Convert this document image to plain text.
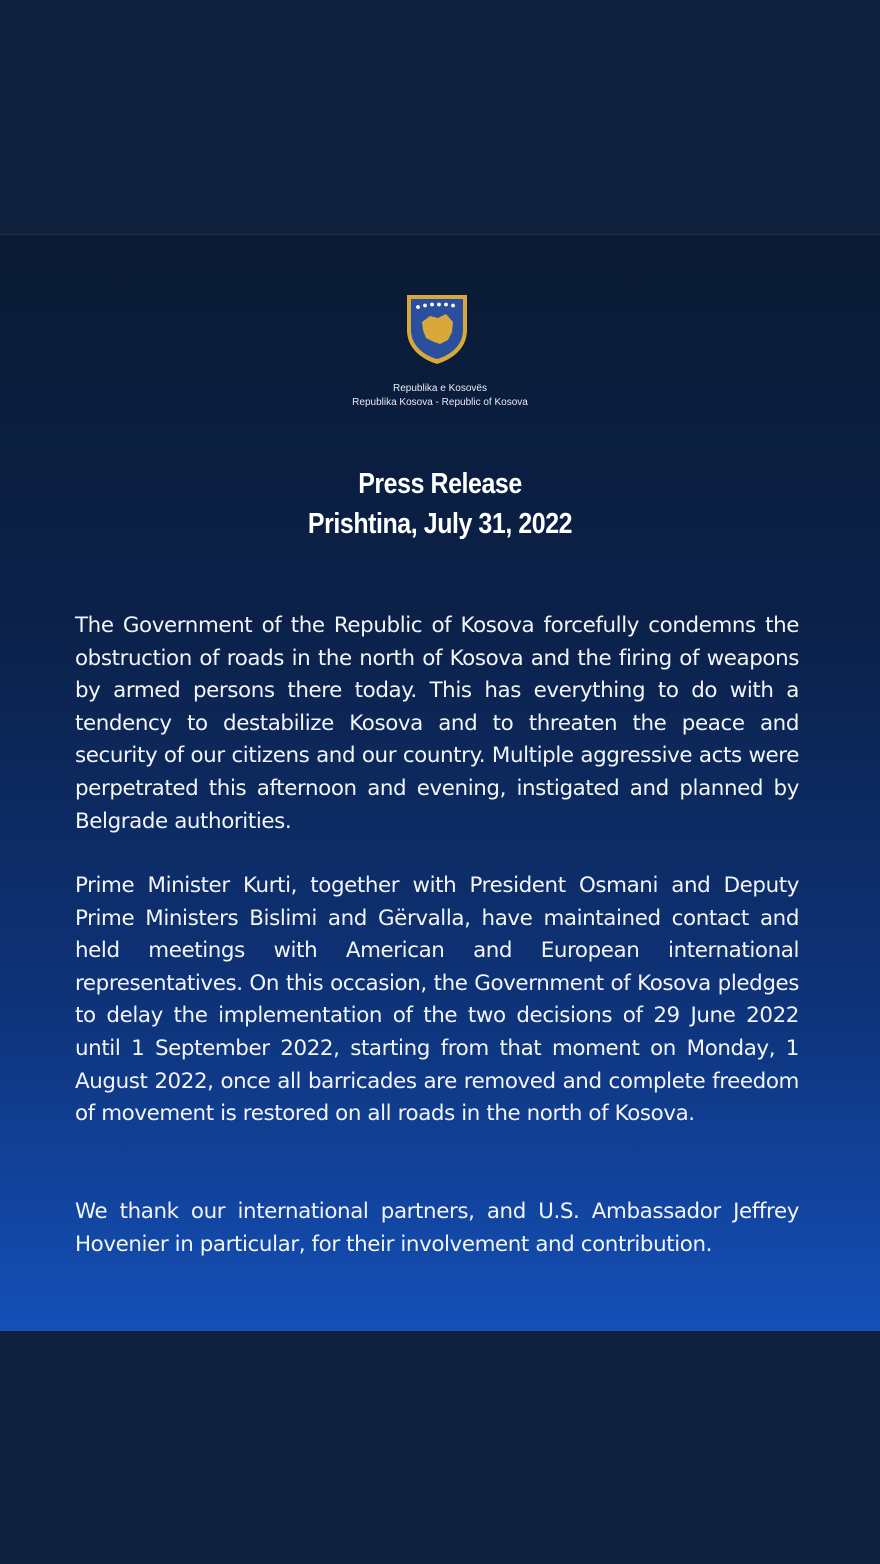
Republika e Kosovës
Republika Kosova - Republic of Kosova
Press Release
Prishtina, July 31, 2022

The Government of the Republic of Kosova forcefully condemns the obstruction of roads in the north of Kosova and the firing of weapons by armed persons there today. This has everything to do with a tendency to destabilize Kosova and to threaten the peace and security of our citizens and our country. Multiple aggressive acts were perpetrated this afternoon and evening, instigated and planned by Belgrade authorities.

Prime Minister Kurti, together with President Osmani and Deputy Prime Ministers Bislimi and Gërvalla, have maintained contact and held meetings with American and European international representatives. On this occasion, the Government of Kosova pledges to delay the implementation of the two decisions of 29 June 2022 until 1 September 2022, starting from that moment on Monday, 1 August 2022, once all barricades are removed and complete freedom of movement is restored on all roads in the north of Kosova.

We thank our international partners, and U.S. Ambassador Jeffrey Hovenier in particular, for their involvement and contribution.
